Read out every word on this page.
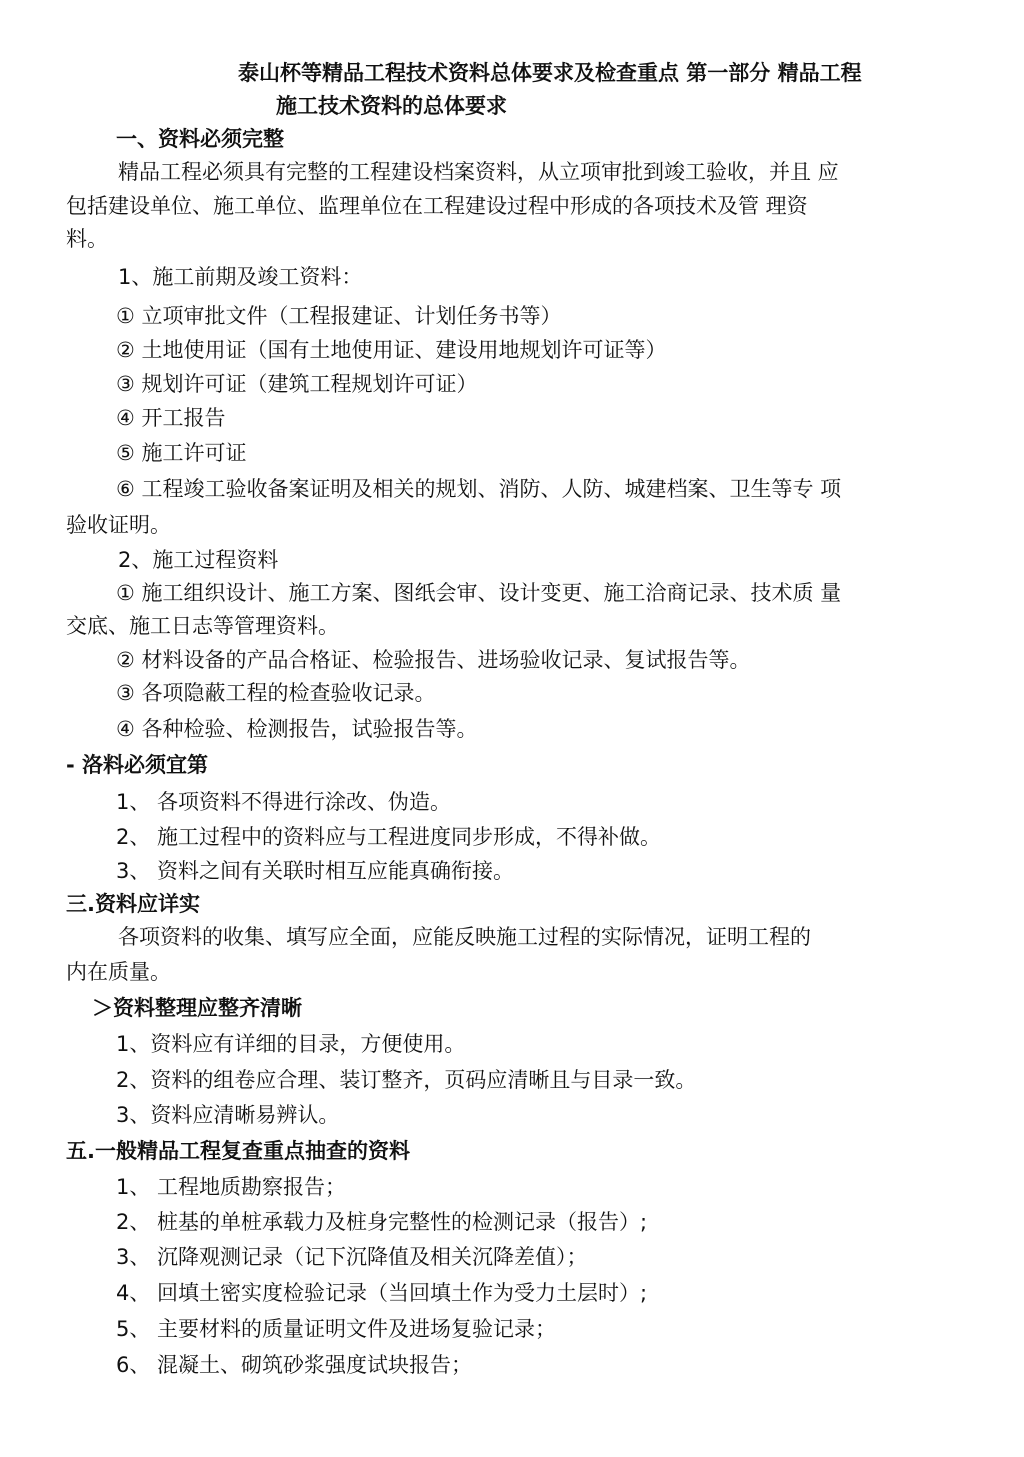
泰山杯等精品工程技术资料总体要求及检查重点 第一部分 精品工程
施工技术资料的总体要求
一、资料必须完整
精品工程必须具有完整的工程建设档案资料，从立项审批到竣工验收，并且 应
包括建设单位、施工单位、监理单位在工程建设过程中形成的各项技术及管 理资
料。
1、施工前期及竣工资料：
① 立项审批文件（工程报建证、计划任务书等）
② 土地使用证（国有土地使用证、建设用地规划许可证等）
③ 规划许可证（建筑工程规划许可证）
④ 开工报告
⑤ 施工许可证
⑥ 工程竣工验收备案证明及相关的规划、消防、人防、城建档案、卫生等专 项
验收证明。
2、施工过程资料
① 施工组织设计、施工方案、图纸会审、设计变更、施工洽商记录、技术质 量
交底、施工日志等管理资料。
② 材料设备的产品合格证、检验报告、进场验收记录、复试报告等。
③ 各项隐蔽工程的检查验收记录。
④ 各种检验、检测报告，试验报告等。
- 洛料必须宜第
1、 各项资料不得进行涂改、伪造。
2、 施工过程中的资料应与工程进度同步形成，不得补做。
3、 资料之间有关联时相互应能真确衔接。
三.资料应详实
各项资料的收集、填写应全面，应能反映施工过程的实际情况，证明工程的
内在质量。
＞资料整理应整齐清晰
1、资料应有详细的目录，方便使用。
2、资料的组卷应合理、装订整齐，页码应清晰且与目录一致。
3、资料应清晰易辨认。
五.一般精品工程复查重点抽查的资料
1、 工程地质勘察报告；
2、 桩基的单桩承载力及桩身完整性的检测记录（报告）;
3、 沉降观测记录（记下沉降值及相关沉降差值）；
4、 回填土密实度检验记录（当回填土作为受力土层时）;
5、 主要材料的质量证明文件及进场复验记录；
6、 混凝土、砌筑砂浆强度试块报告；
